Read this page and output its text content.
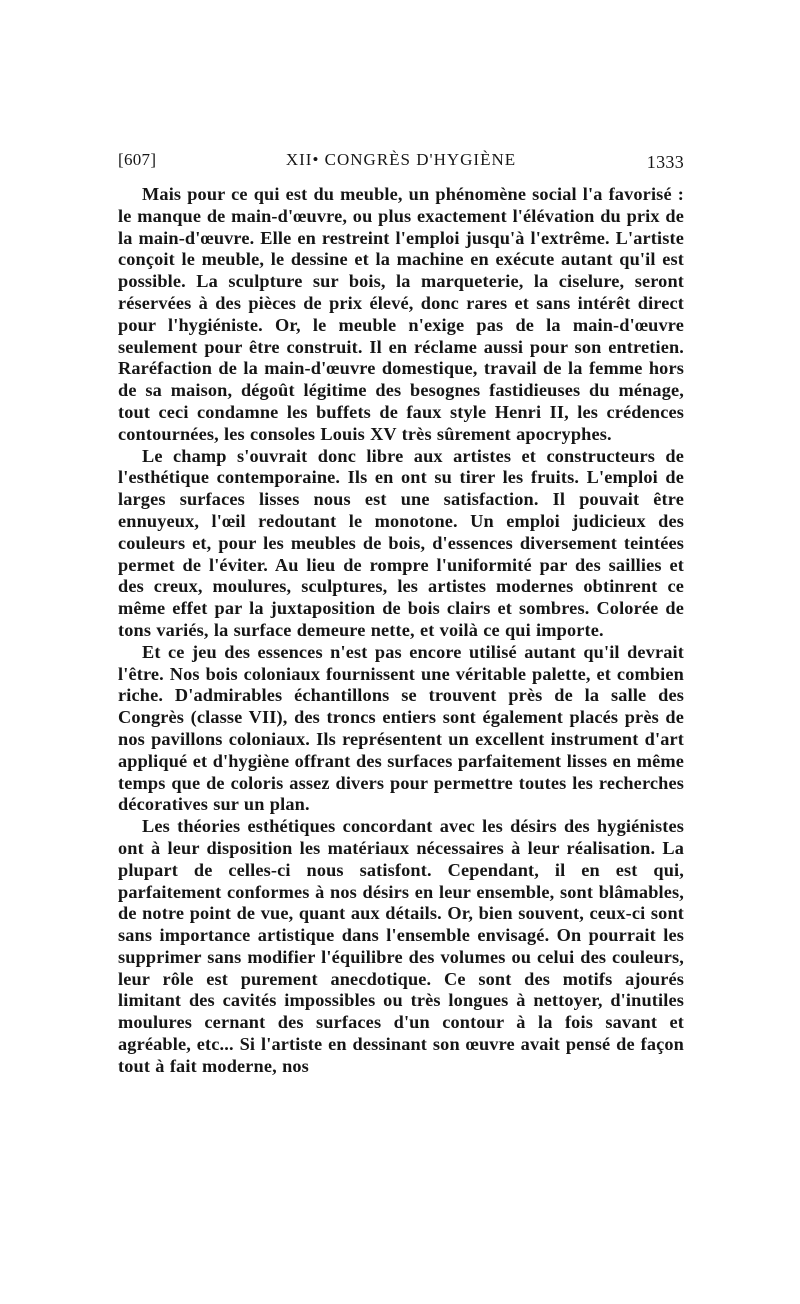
[607]	XII• CONGRÈS D'HYGIÈNE	1333

Mais pour ce qui est du meuble, un phénomène social l'a favorisé : le manque de main-d'œuvre, ou plus exactement l'élévation du prix de la main-d'œuvre. Elle en restreint l'emploi jusqu'à l'extrême. L'artiste conçoit le meuble, le dessine et la machine en exécute autant qu'il est possible. La sculpture sur bois, la marqueterie, la ciselure, seront réservées à des pièces de prix élevé, donc rares et sans intérêt direct pour l'hygiéniste. Or, le meuble n'exige pas de la main-d'œuvre seulement pour être construit. Il en réclame aussi pour son entretien. Raréfaction de la main-d'œuvre domestique, travail de la femme hors de sa maison, dégoût légitime des besognes fastidieuses du ménage, tout ceci condamne les buffets de faux style Henri II, les crédences contournées, les consoles Louis XV très sûrement apocryphes.

Le champ s'ouvrait donc libre aux artistes et constructeurs de l'esthétique contemporaine. Ils en ont su tirer les fruits. L'emploi de larges surfaces lisses nous est une satisfaction. Il pouvait être ennuyeux, l'œil redoutant le monotone. Un emploi judicieux des couleurs et, pour les meubles de bois, d'essences diversement teintées permet de l'éviter. Au lieu de rompre l'uniformité par des saillies et des creux, moulures, sculptures, les artistes modernes obtinrent ce même effet par la juxtaposition de bois clairs et sombres. Colorée de tons variés, la surface demeure nette, et voilà ce qui importe.

Et ce jeu des essences n'est pas encore utilisé autant qu'il devrait l'être. Nos bois coloniaux fournissent une véritable palette, et combien riche. D'admirables échantillons se trouvent près de la salle des Congrès (classe VII), des troncs entiers sont également placés près de nos pavillons coloniaux. Ils représentent un excellent instrument d'art appliqué et d'hygiène offrant des surfaces parfaitement lisses en même temps que de coloris assez divers pour permettre toutes les recherches décoratives sur un plan.

Les théories esthétiques concordant avec les désirs des hygiénistes ont à leur disposition les matériaux nécessaires à leur réalisation. La plupart de celles-ci nous satisfont. Cependant, il en est qui, parfaitement conformes à nos désirs en leur ensemble, sont blâmables, de notre point de vue, quant aux détails. Or, bien souvent, ceux-ci sont sans importance artistique dans l'ensemble envisagé. On pourrait les supprimer sans modifier l'équilibre des volumes ou celui des couleurs, leur rôle est purement anecdotique. Ce sont des motifs ajourés limitant des cavités impossibles ou très longues à nettoyer, d'inutiles moulures cernant des surfaces d'un contour à la fois savant et agréable, etc... Si l'artiste en dessinant son œuvre avait pensé de façon tout à fait moderne, nos
